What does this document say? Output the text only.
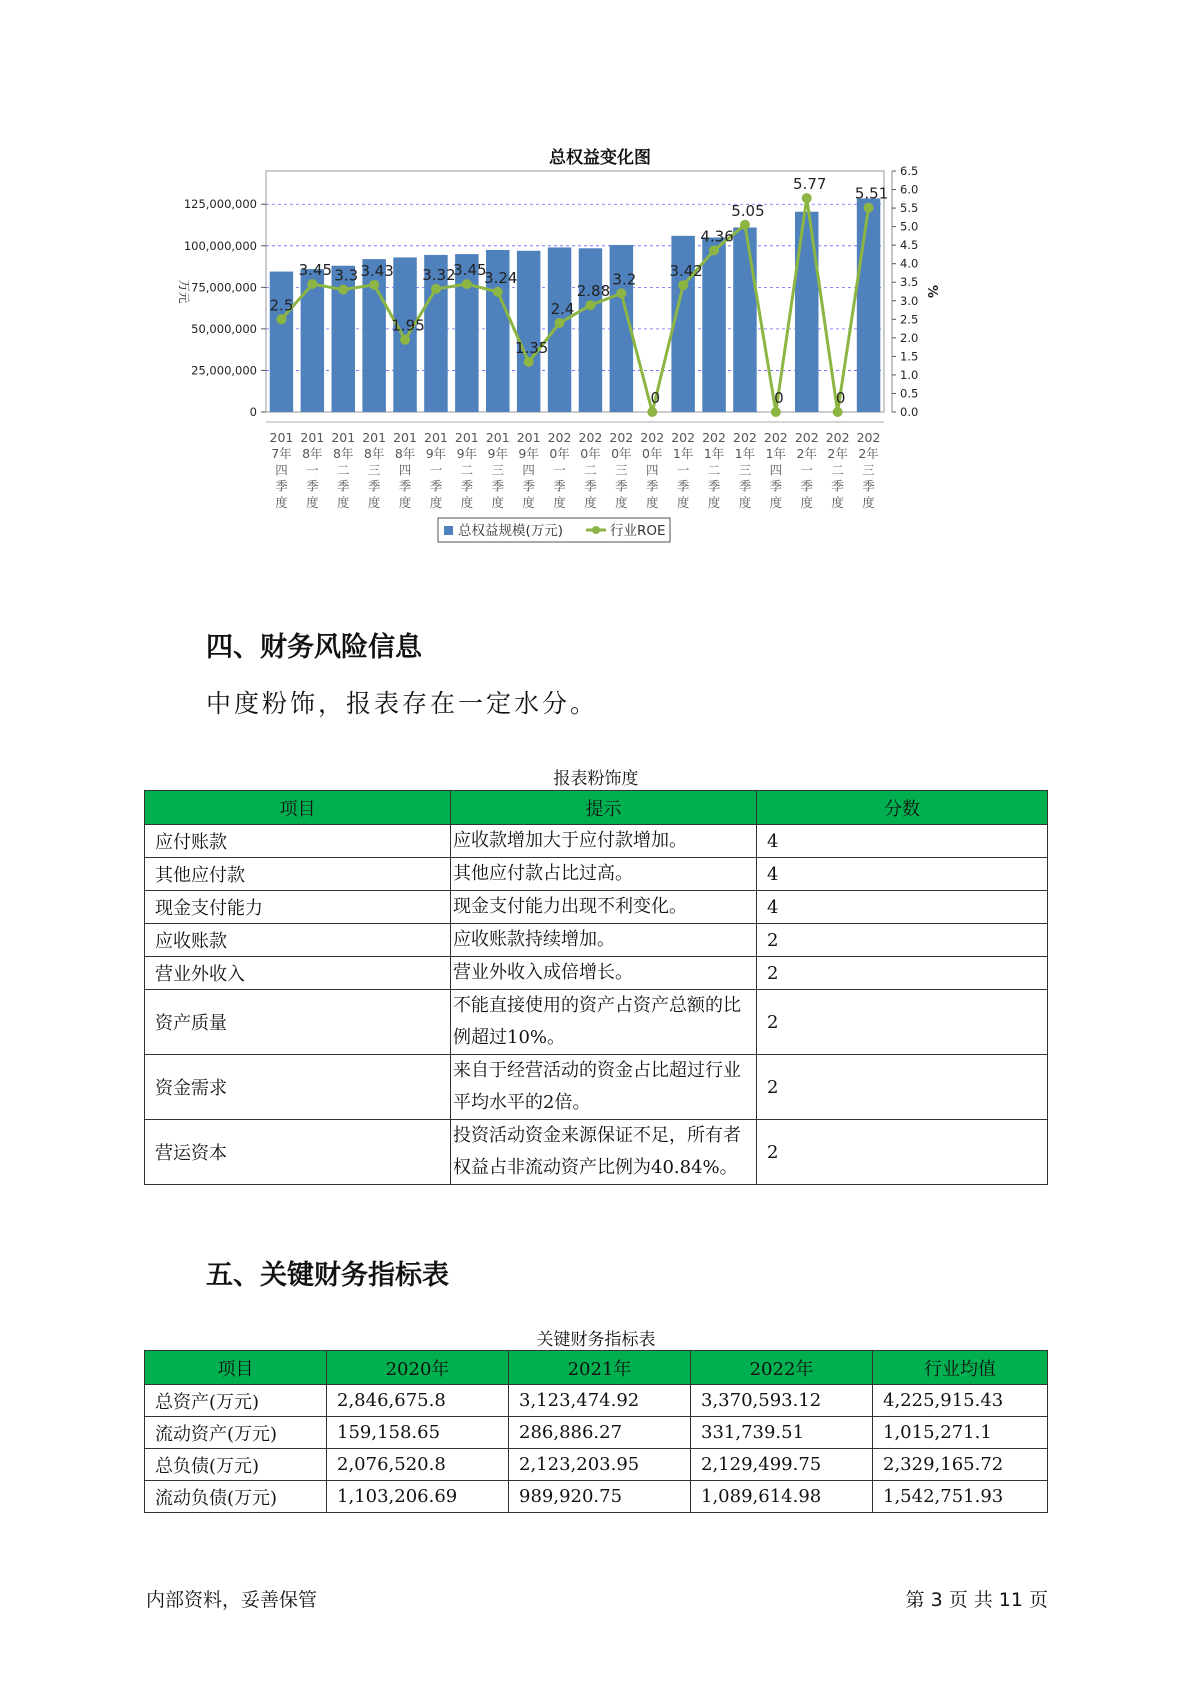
总权益变化图
0
25,000,000
50,000,000
75,000,000
100,000,000
125,000,000
0.0
0.5
1.0
1.5
2.0
2.5
3.0
3.5
4.0
4.5
5.0
5.5
6.0
6.5
万元	%
201 7年四季度
201 8年一季度
201 8年二季度
201 8年三季度
201 8年四季度
201 9年一季度
201 9年二季度
201 9年三季度
201 9年四季度
202 0年一季度
202 0年二季度
202 0年三季度
202 0年四季度
202 1年一季度
202 1年二季度
202 1年三季度
202 1年四季度
202 2年一季度
202 2年二季度
202 2年三季度
2.5
3.45 3.3 3.43
1.95
3.32
3.45
3.24
1.35
2.4
2.88
3.2
0
3.42
4.36
5.05
0
5.77
0
5.51
总权益规模(万元)	行业ROE
四、财务风险信息
中度粉饰，报表存在一定水分。
报表粉饰度
项目	提示	分数
应付账款	应收款增加大于应付款增加。	4
其他应付款	其他应付款占比过高。	4
现金支付能力	现金支付能力出现不利变化。	4
应收账款	应收账款持续增加。	2
营业外收入	营业外收入成倍增长。	2
资产质量	不能直接使用的资产占资产总额的比例超过10%。	2
资金需求	来自于经营活动的资金占比超过行业平均水平的2倍。	2
营运资本	投资活动资金来源保证不足，所有者权益占非流动资产比例为40.84%。	2
五、关键财务指标表
关键财务指标表
项目	2020年	2021年	2022年	行业均值
总资产(万元)	2,846,675.8	3,123,474.92	3,370,593.12	4,225,915.43
流动资产(万元)	159,158.65	286,886.27	331,739.51	1,015,271.1
总负债(万元)	2,076,520.8	2,123,203.95	2,129,499.75	2,329,165.72
流动负债(万元)	1,103,206.69	989,920.75	1,089,614.98	1,542,751.93
内部资料，妥善保管	第 3 页 共 11 页
